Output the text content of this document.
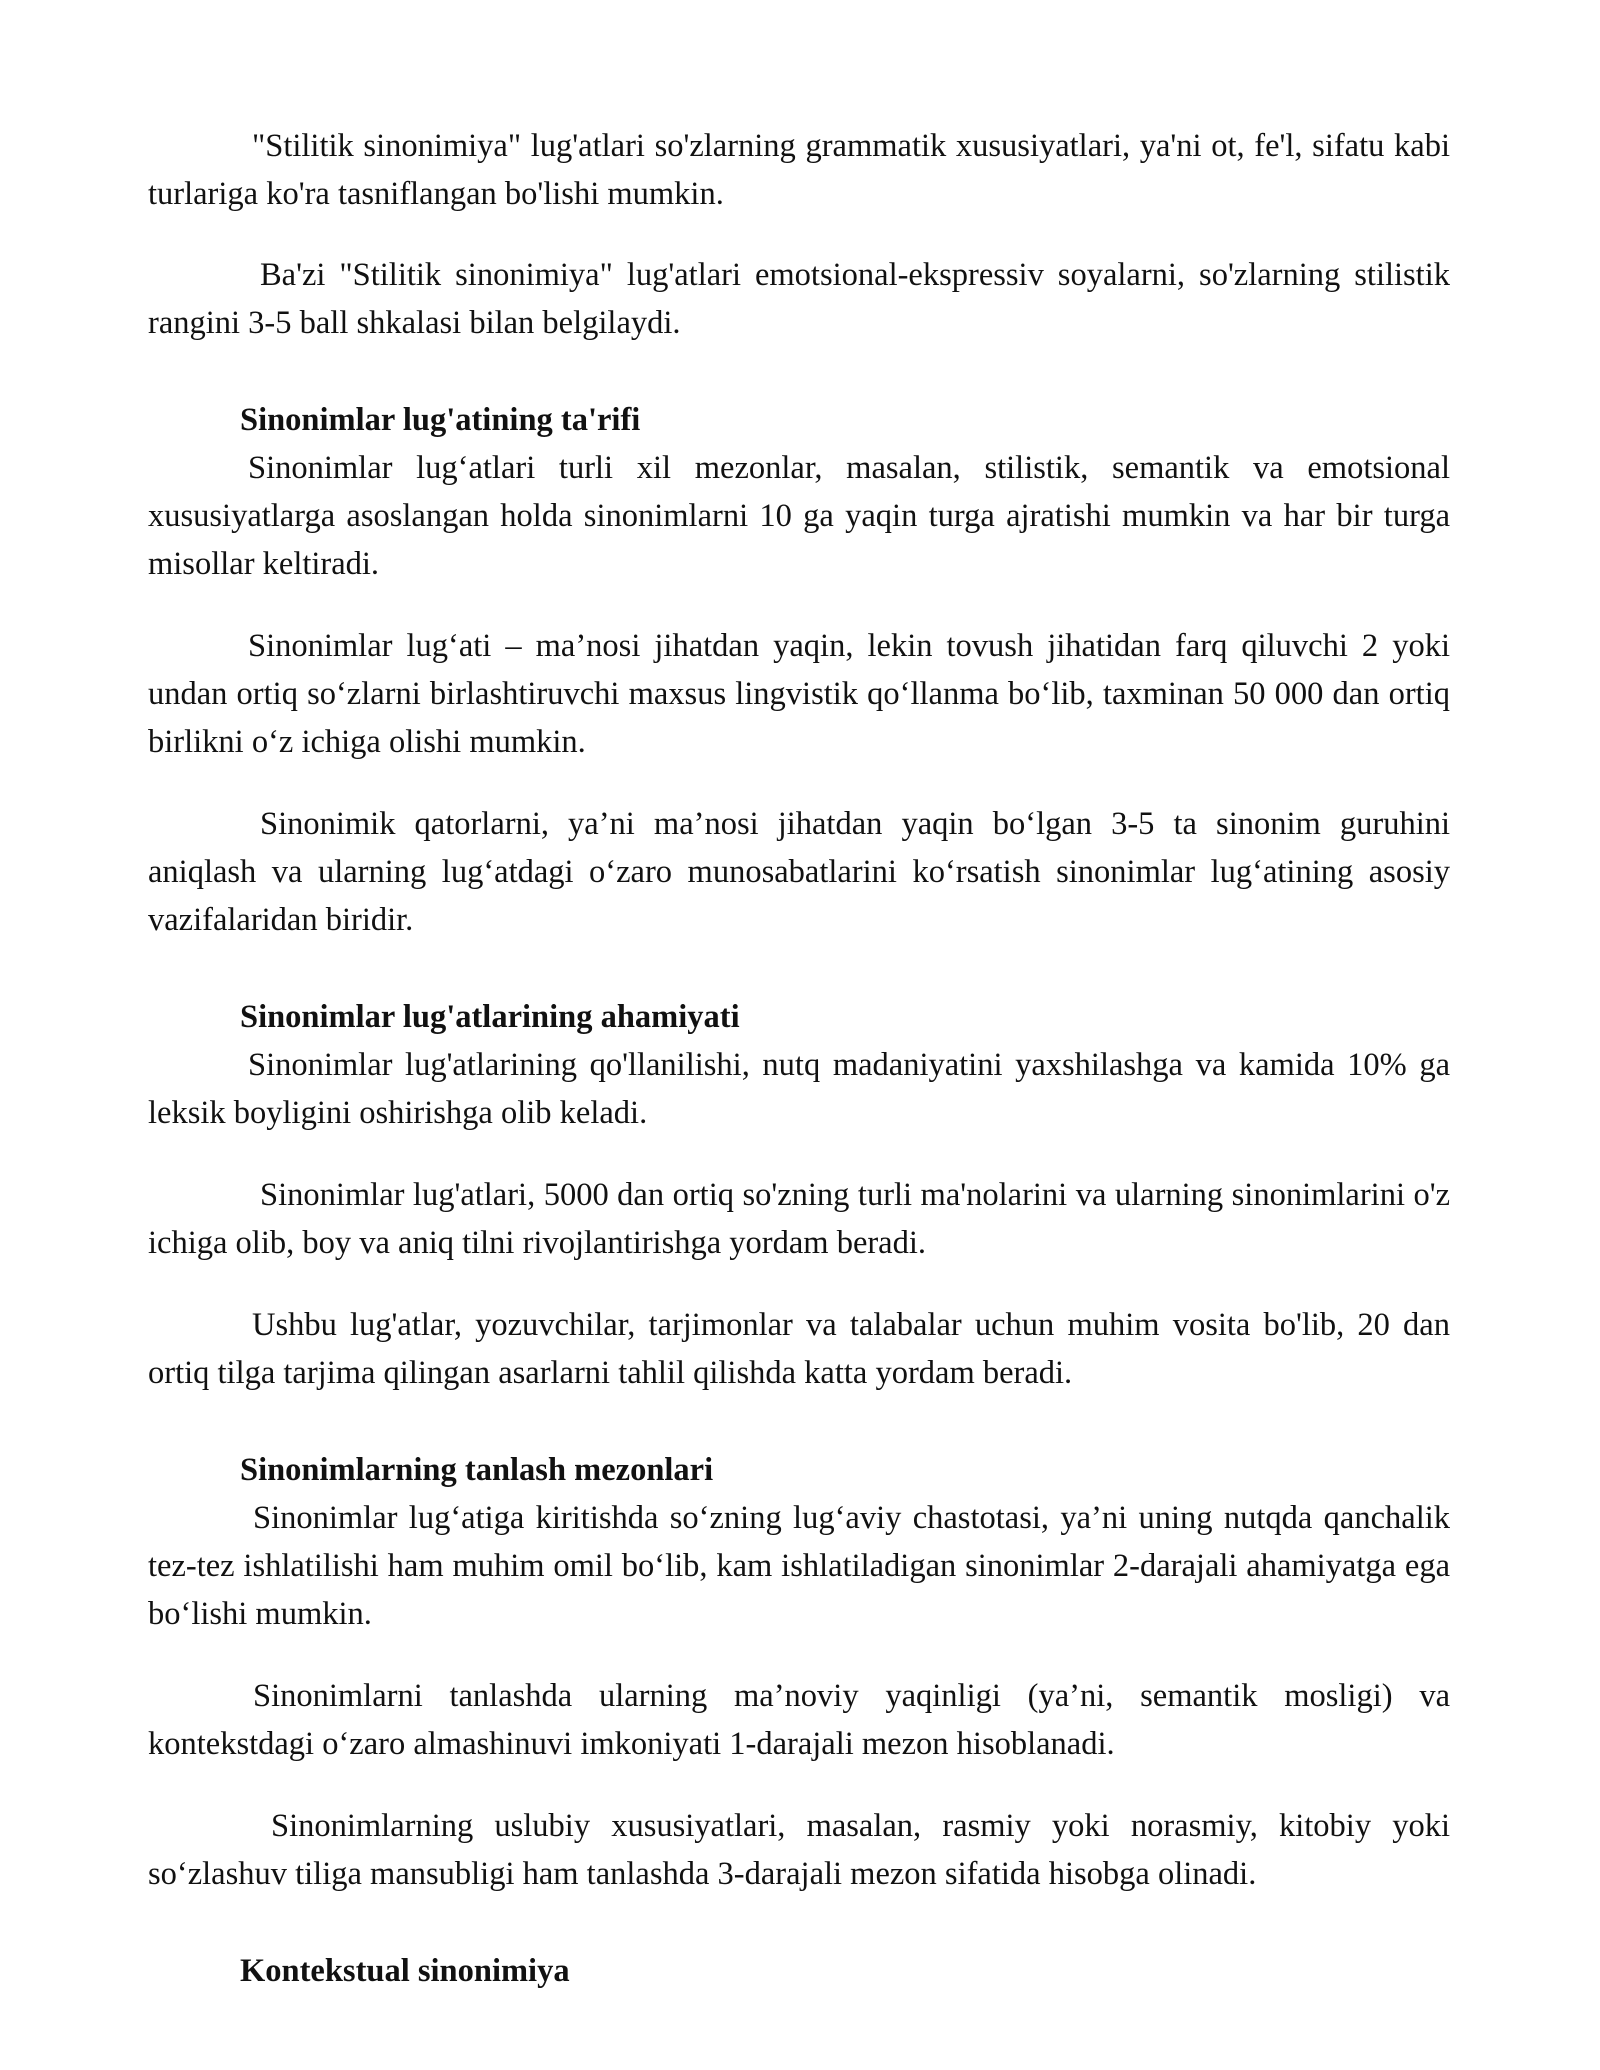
"Stilitik sinonimiya" lug'atlari so'zlarning grammatik xususiyatlari, ya'ni ot, fe'l, sifatu kabi turlariga ko'ra tasniflangan bo'lishi mumkin.

Ba'zi "Stilitik sinonimiya" lug'atlari emotsional-ekspressiv soyalarni, so'zlarning stilistik rangini 3-5 ball shkalasi bilan belgilaydi.

Sinonimlar lug'atining ta'rifi

Sinonimlar lug‘atlari turli xil mezonlar, masalan, stilistik, semantik va emotsional xususiyatlarga asoslangan holda sinonimlarni 10 ga yaqin turga ajratishi mumkin va har bir turga misollar keltiradi.

Sinonimlar lug‘ati – ma’nosi jihatdan yaqin, lekin tovush jihatidan farq qiluvchi 2 yoki undan ortiq so‘zlarni birlashtiruvchi maxsus lingvistik qo‘llanma bo‘lib, taxminan 50 000 dan ortiq birlikni o‘z ichiga olishi mumkin.

Sinonimik qatorlarni, ya’ni ma’nosi jihatdan yaqin bo‘lgan 3-5 ta sinonim guruhini aniqlash va ularning lug‘atdagi o‘zaro munosabatlarini ko‘rsatish sinonimlar lug‘atining asosiy vazifalaridan biridir.

Sinonimlar lug'atlarining ahamiyati

Sinonimlar lug'atlarining qo'llanilishi, nutq madaniyatini yaxshilashga va kamida 10% ga leksik boyligini oshirishga olib keladi.

Sinonimlar lug'atlari, 5000 dan ortiq so'zning turli ma'nolarini va ularning sinonimlarini o'z ichiga olib, boy va aniq tilni rivojlantirishga yordam beradi.

Ushbu lug'atlar, yozuvchilar, tarjimonlar va talabalar uchun muhim vosita bo'lib, 20 dan ortiq tilga tarjima qilingan asarlarni tahlil qilishda katta yordam beradi.

Sinonimlarning tanlash mezonlari

Sinonimlar lug‘atiga kiritishda so‘zning lug‘aviy chastotasi, ya’ni uning nutqda qanchalik tez-tez ishlatilishi ham muhim omil bo‘lib, kam ishlatiladigan sinonimlar 2-darajali ahamiyatga ega bo‘lishi mumkin.

Sinonimlarni tanlashda ularning ma’noviy yaqinligi (ya’ni, semantik mosligi) va kontekstdagi o‘zaro almashinuvi imkoniyati 1-darajali mezon hisoblanadi.

Sinonimlarning uslubiy xususiyatlari, masalan, rasmiy yoki norasmiy, kitobiy yoki so‘zlashuv tiliga mansubligi ham tanlashda 3-darajali mezon sifatida hisobga olinadi.

Kontekstual sinonimiya
